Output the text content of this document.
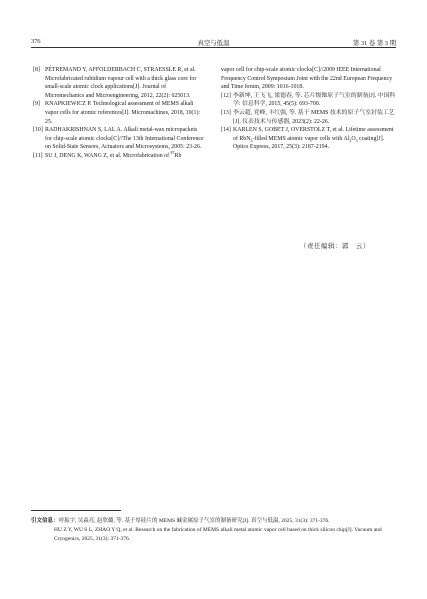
376	真空与低温	第 31 卷 第 3 期
[8] PÉTREMAND Y, AFFOLDERBACH C, STRAESSLE R, et al. Microfabricated rubidium vapour cell with a thick glass core for small-scale atomic clock applications[J]. Journal of Micromechanics and Microengineering, 2012, 22(2): 025013.
[9] KNAPKIEWICZ P. Technological assessment of MEMS alkali vapor cells for atomic references[J]. Micromachines, 2018, 10(1): 25.
[10] RADHAKRISHNAN S, LAL A. Alkali metal-wax micropackets for chip-scale atomic clocks[C]//The 13th International Conference on Solid-State Sensors, Actuators and Microsystems, 2005: 23-26.
[11] SU J, DENG K, WANG Z, et al. Microfabrication of $^{87}$Rb

vapor cell for chip-scale atomic clocks[C]//2009 IEEE International Frequency Control Symposium Joint with the 22nd European Frequency and Time forum, 2009: 1016-1018.

[12] 李新坤, 王飞飞, 梁德春, 等. 芯片级铷原子气室的制备[J]. 中国科学: 信息科学, 2015, 45(5): 693-700.
[13] 李云超, 党峰, 丰红强, 等. 基于 MEMS 技术的原子气室封装工艺 [J]. 仪表技术与传感器, 2023(2): 22-26.
[14] KARLEN S, GOBET J, OVERSTOLZ T, et al. Lifetime assessment of RbN$_3$-filled MEMS atomic vapor cells with $Al_2O_3$ coating[J]. Optics Express, 2017, 25(3): 2187-2194.
（责任编辑：郭　云）
引文信息：呼振宇, 吴淼亮, 赵欣璐, 等. 基于厚硅片的 MEMS 碱金属原子气室的制备研究[J]. 真空与低温, 2025, 31(3): 371-376.
HU Z Y, WU S L, ZHAO Y Q, et al. Research on the fabrication of MEMS alkali metal atomic vapor cell based on thick silicon chip[J]. Vacuum and Cryogenics, 2025, 31(3): 371-376.
